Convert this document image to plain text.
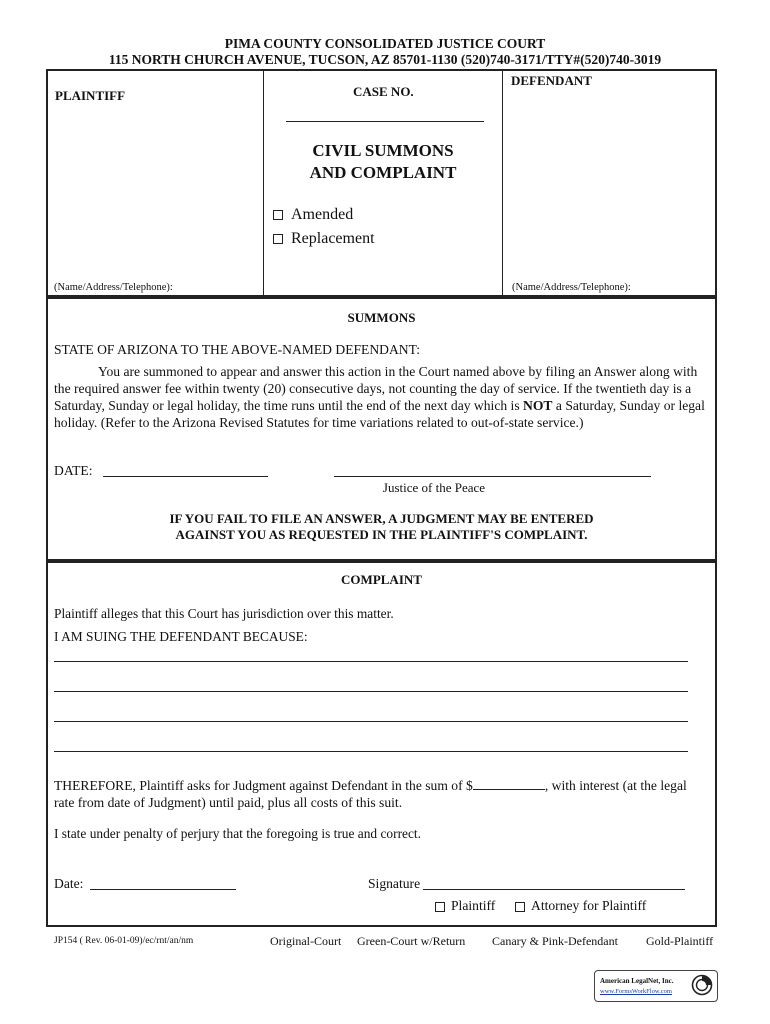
PIMA COUNTY CONSOLIDATED JUSTICE COURT
115 NORTH CHURCH AVENUE, TUCSON, AZ 85701-1130 (520)740-3171/TTY#(520)740-3019
PLAINTIFF
(Name/Address/Telephone):
CASE NO.
CIVIL SUMMONS
AND COMPLAINT
Amended
Replacement
DEFENDANT
(Name/Address/Telephone):
SUMMONS
STATE OF ARIZONA TO THE ABOVE-NAMED DEFENDANT:

You are summoned to appear and answer this action in the Court named above by filing an Answer along with the required answer fee within twenty (20) consecutive days, not counting the day of service. If the twentieth day is a Saturday, Sunday or legal holiday, the time runs until the end of the next day which is NOT a Saturday, Sunday or legal holiday. (Refer to the Arizona Revised Statutes for time variations related to out-of-state service.)

DATE:
Justice of the Peace
IF YOU FAIL TO FILE AN ANSWER, A JUDGMENT MAY BE ENTERED
AGAINST YOU AS REQUESTED IN THE PLAINTIFF'S COMPLAINT.
COMPLAINT
Plaintiff alleges that this Court has jurisdiction over this matter.
I AM SUING THE DEFENDANT BECAUSE:

THEREFORE, Plaintiff asks for Judgment against Defendant in the sum of $	, with interest (at the legal rate from date of Judgment) until paid, plus all costs of this suit.

I state under penalty of perjury that the foregoing is true and correct.
Date:	Signature
Plaintiff	Attorney for Plaintiff
JP154 ( Rev. 06-01-09)/ec/rnt/an/nm	Original-Court Green-Court w/Return Canary & Pink-Defendant Gold-Plaintiff
American LegalNet, Inc.
www.FormsWorkFlow.com
